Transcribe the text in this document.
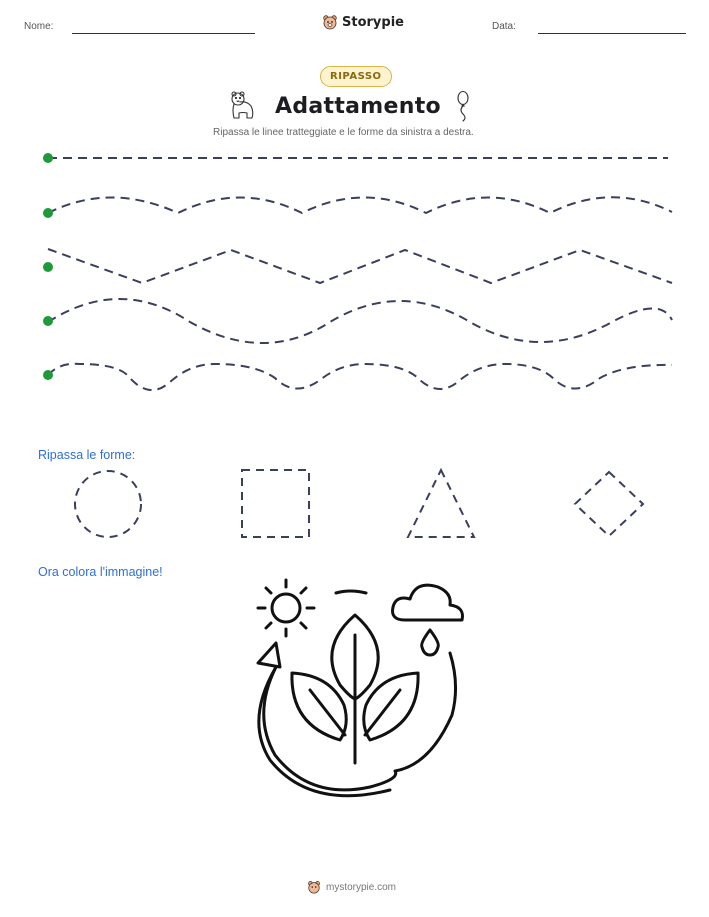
Nome:	Storypie	Data:
RIPASSO
Adattamento
Ripassa le linee tratteggiate e le forme da sinistra a destra.
Ripassa le forme:
Ora colora l'immagine!
mystorypie.com
